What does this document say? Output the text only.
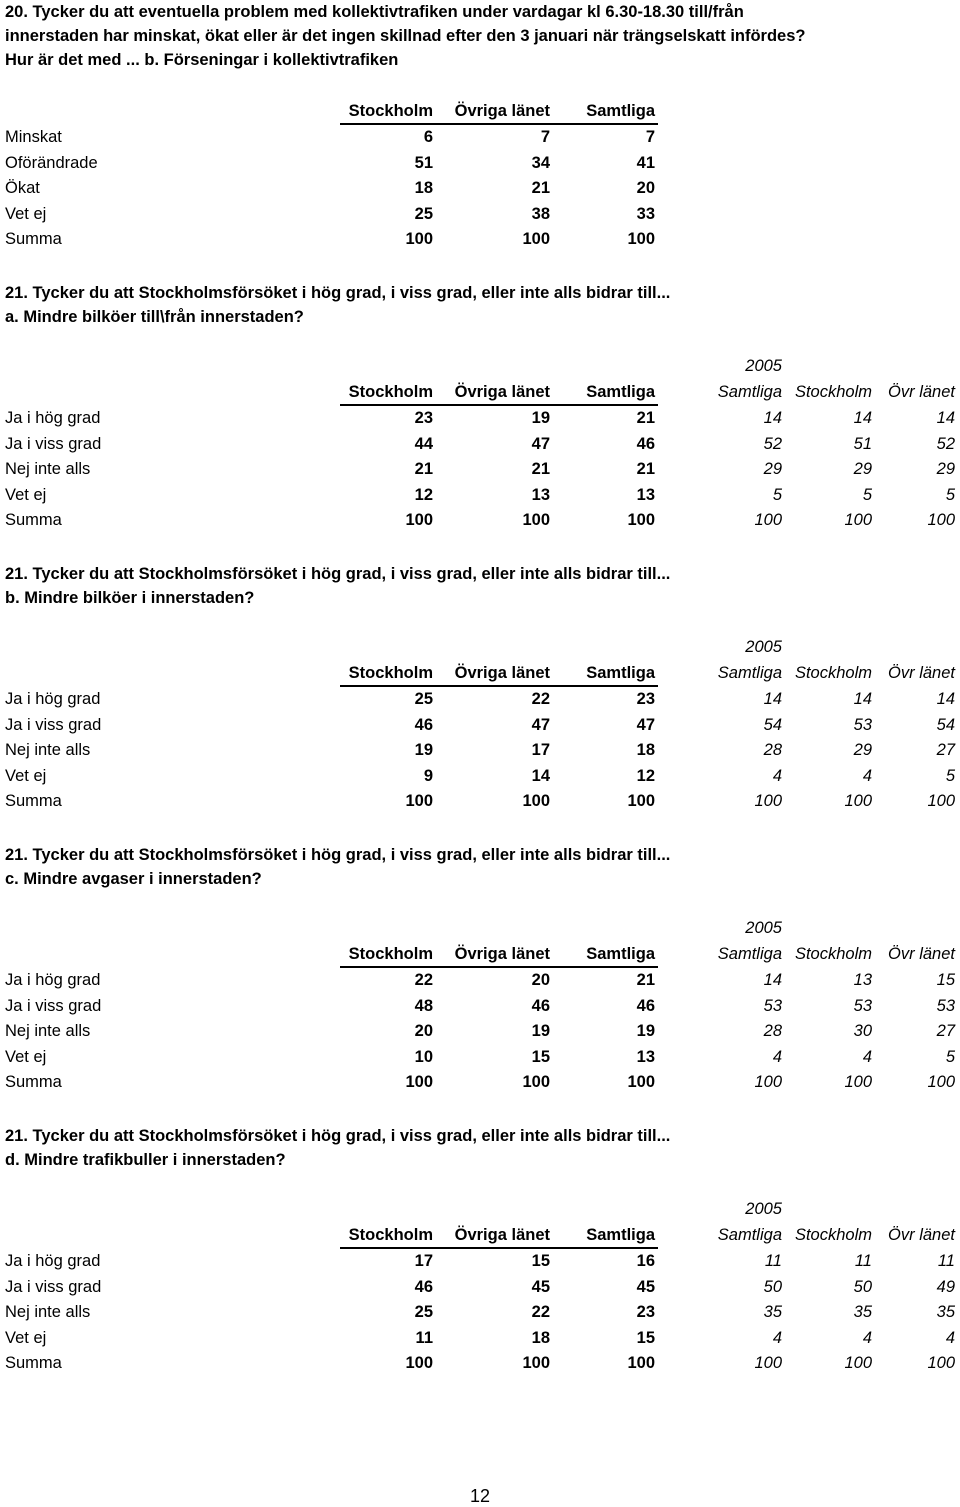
20. Tycker du att eventuella problem med kollektivtrafiken under vardagar kl 6.30-18.30 till/från
innerstaden har minskat, ökat eller är det ingen skillnad efter den 3 januari när trängselskatt infördes?
Hur är det med ... b. Förseningar i kollektivtrafiken
Stockholm Övriga länet Samtliga
12
Minskat	6	7	7
Oförändrade	51	34	41
Ökat	18	21	20
Vet ej	25	38	33
Summa	100	100	100
21. Tycker du att Stockholmsförsöket i hög grad, i viss grad, eller inte alls bidrar till...
a. Mindre bilköer till\från innerstaden?
2005
Stockholm Övriga länet Samtliga	Samtliga Stockholm Övr länet
Ja i hög grad	23	19	21	14	14	14
Ja i viss grad	44	47	46	52	51	52
Nej inte alls	21	21	21	29	29	29
Vet ej	12	13	13	5	5	5
Summa	100	100	100	100	100	100
21. Tycker du att Stockholmsförsöket i hög grad, i viss grad, eller inte alls bidrar till...
b. Mindre bilköer i innerstaden?
2005
Stockholm Övriga länet Samtliga	Samtliga Stockholm Övr länet
Ja i hög grad	25	22	23	14	14	14
Ja i viss grad	46	47	47	54	53	54
Nej inte alls	19	17	18	28	29	27
Vet ej	9	14	12	4	4	5
Summa	100	100	100	100	100	100
21. Tycker du att Stockholmsförsöket i hög grad, i viss grad, eller inte alls bidrar till...
c. Mindre avgaser i innerstaden?
2005
Stockholm Övriga länet Samtliga	Samtliga Stockholm Övr länet
Ja i hög grad	22	20	21	14	13	15
Ja i viss grad	48	46	46	53	53	53
Nej inte alls	20	19	19	28	30	27
Vet ej	10	15	13	4	4	5
Summa	100	100	100	100	100	100
21. Tycker du att Stockholmsförsöket i hög grad, i viss grad, eller inte alls bidrar till...
d. Mindre trafikbuller i innerstaden?
2005
Stockholm Övriga länet Samtliga	Samtliga Stockholm Övr länet
Ja i hög grad	17	15	16	11	11	11
Ja i viss grad	46	45	45	50	50	49
Nej inte alls	25	22	23	35	35	35
Vet ej	11	18	15	4	4	4
Summa	100	100	100	100	100	100
